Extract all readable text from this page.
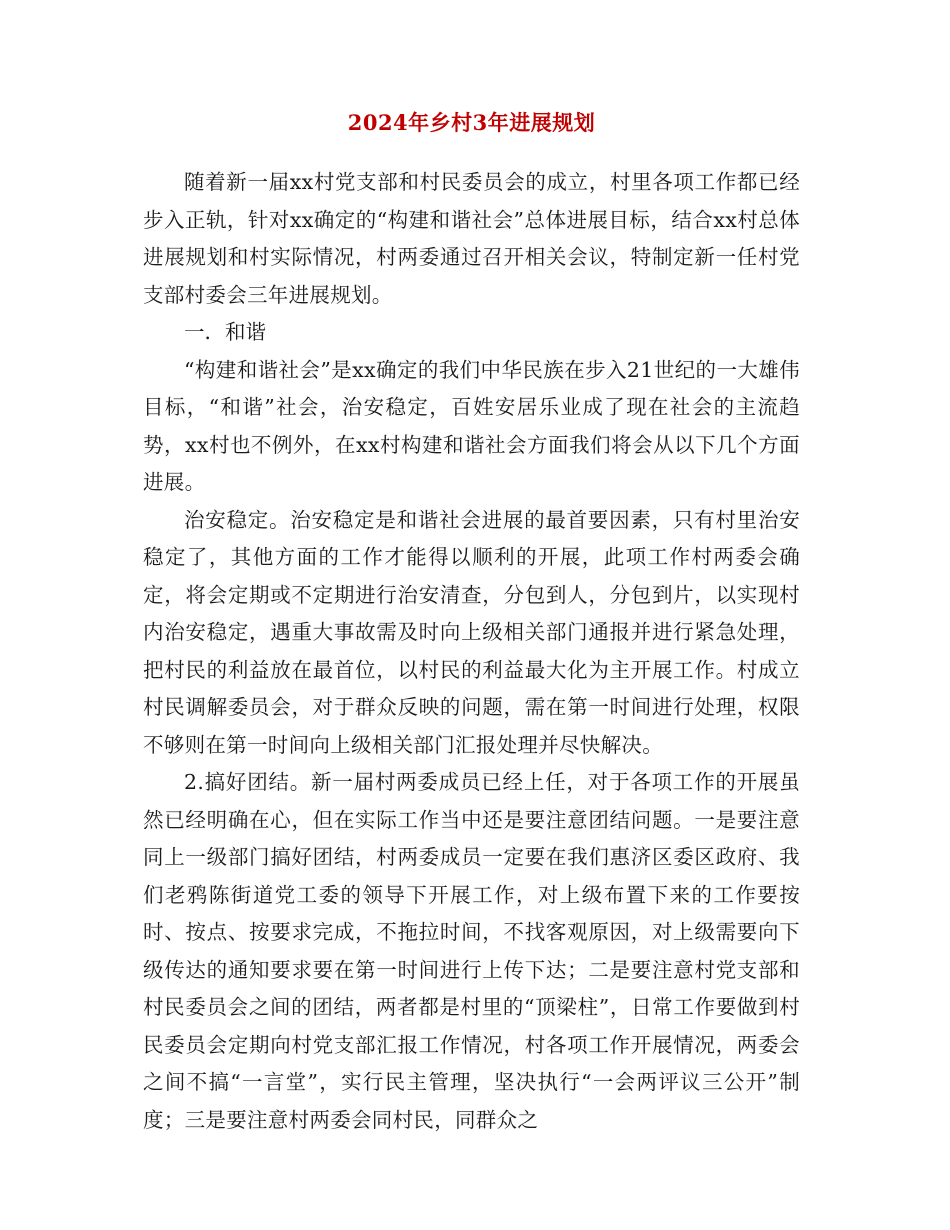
2024年乡村3年进展规划

随着新一届xx村党支部和村民委员会的成立，村里各项工作都已经步入正轨，针对xx确定的“构建和谐社会”总体进展目标，结合xx村总体进展规划和村实际情况，村两委通过召开相关会议，特制定新一任村党支部村委会三年进展规划。

一．和谐

“构建和谐社会”是xx确定的我们中华民族在步入21世纪的一大雄伟目标，“和谐”社会，治安稳定，百姓安居乐业成了现在社会的主流趋势，xx村也不例外，在xx村构建和谐社会方面我们将会从以下几个方面进展。

治安稳定。治安稳定是和谐社会进展的最首要因素，只有村里治安稳定了，其他方面的工作才能得以顺利的开展，此项工作村两委会确定，将会定期或不定期进行治安清查，分包到人，分包到片，以实现村内治安稳定，遇重大事故需及时向上级相关部门通报并进行紧急处理，把村民的利益放在最首位，以村民的利益最大化为主开展工作。村成立村民调解委员会，对于群众反映的问题，需在第一时间进行处理，权限不够则在第一时间向上级相关部门汇报处理并尽快解决。

2.搞好团结。新一届村两委成员已经上任，对于各项工作的开展虽然已经明确在心，但在实际工作当中还是要注意团结问题。一是要注意同上一级部门搞好团结，村两委成员一定要在我们惠济区委区政府、我们老鸦陈街道党工委的领导下开展工作，对上级布置下来的工作要按时、按点、按要求完成，不拖拉时间，不找客观原因，对上级需要向下级传达的通知要求要在第一时间进行上传下达；二是要注意村党支部和村民委员会之间的团结，两者都是村里的“顶梁柱”，日常工作要做到村民委员会定期向村党支部汇报工作情况，村各项工作开展情况，两委会之间不搞“一言堂”，实行民主管理，坚决执行“一会两评议三公开”制度；三是要注意村两委会同村民，同群众之
